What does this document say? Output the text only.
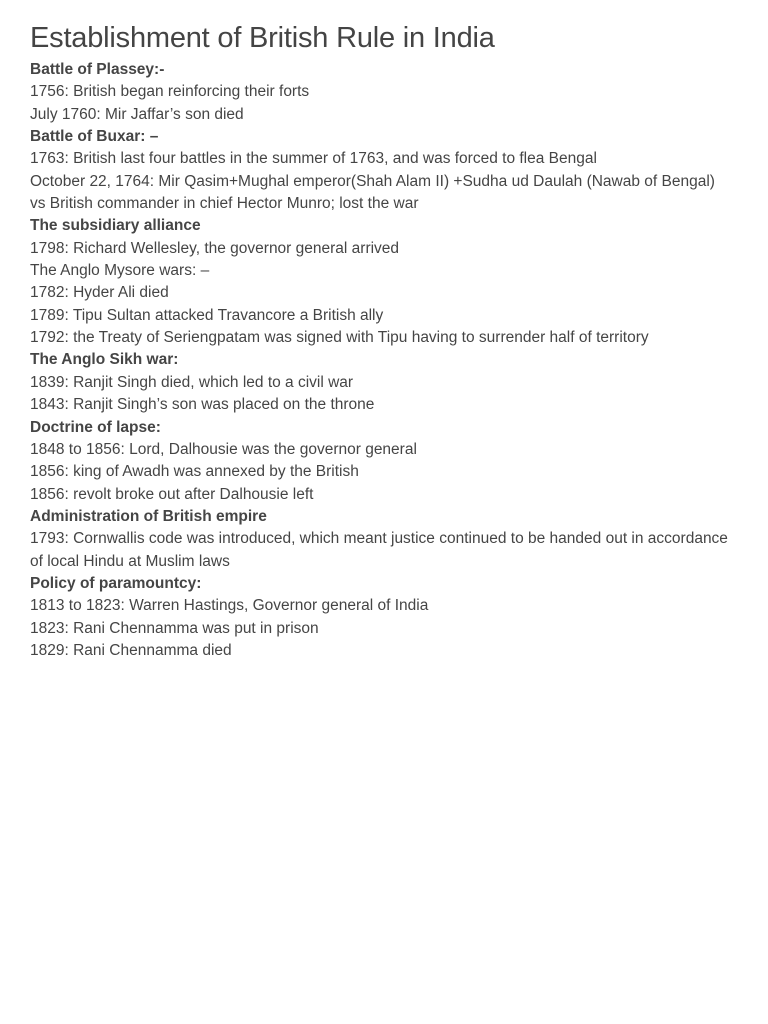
Establishment of British Rule in India
Battle of Plassey:-
1756: British began reinforcing their forts
July 1760: Mir Jaffar’s son died
Battle of Buxar: –
1763: British last four battles in the summer of 1763, and was forced to flea Bengal
October 22, 1764: Mir Qasim+Mughal emperor(Shah Alam II) +Sudha ud Daulah (Nawab of Bengal) vs British commander in chief Hector Munro; lost the war
The subsidiary alliance
1798: Richard Wellesley, the governor general arrived
The Anglo Mysore wars: –
1782: Hyder Ali died
1789: Tipu Sultan attacked Travancore a British ally
1792: the Treaty of Seriengpatam was signed with Tipu having to surrender half of territory
The Anglo Sikh war:
1839: Ranjit Singh died, which led to a civil war
1843: Ranjit Singh’s son was placed on the throne
Doctrine of lapse:
1848 to 1856: Lord, Dalhousie was the governor general
1856: king of Awadh was annexed by the British
1856: revolt broke out after Dalhousie left
Administration of British empire
1793: Cornwallis code was introduced, which meant justice continued to be handed out in accordance of local Hindu at Muslim laws
Policy of paramountcy:
1813 to 1823: Warren Hastings, Governor general of India
1823: Rani Chennamma was put in prison
1829: Rani Chennamma died
